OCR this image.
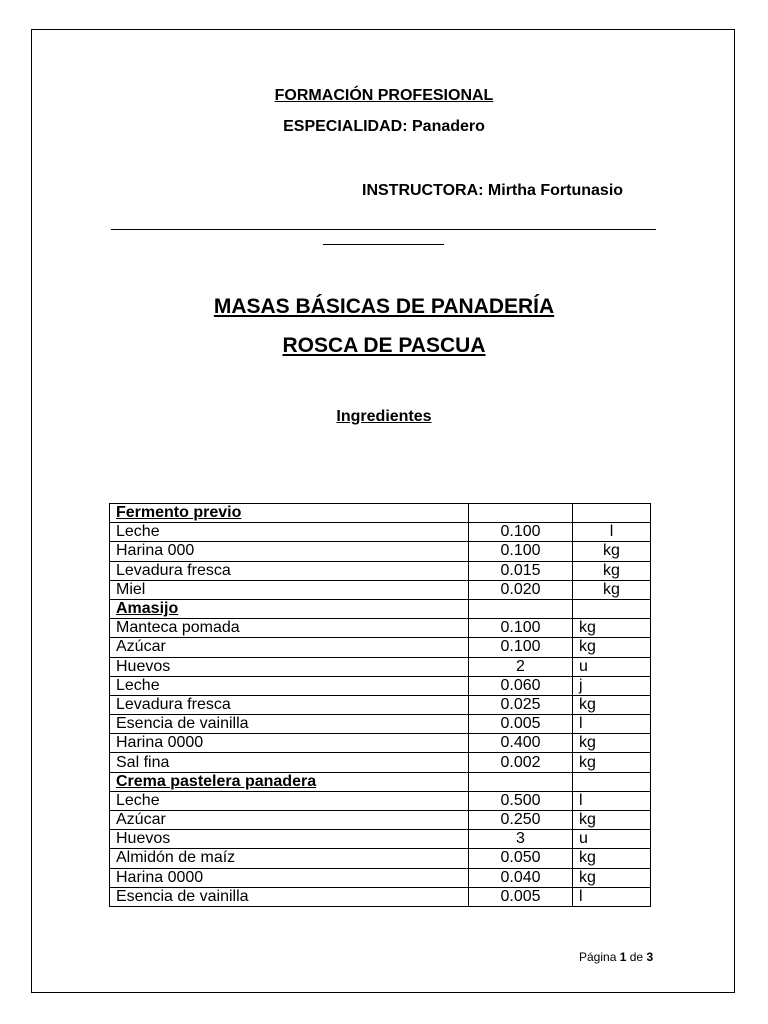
FORMACIÓN PROFESIONAL
ESPECIALIDAD: Panadero
INSTRUCTORA: Mirtha Fortunasio
MASAS BÁSICAS DE PANADERÍA
ROSCA DE PASCUA
Ingredientes
Fermento previo		
Leche	0.100	l
Harina 000	0.100	kg
Levadura fresca	0.015	kg
Miel	0.020	kg
Amasijo		
Manteca pomada	0.100	kg
Azúcar	0.100	kg
Huevos	2	u
Leche	0.060	j
Levadura fresca	0.025	kg
Esencia de vainilla	0.005	l
Harina 0000	0.400	kg
Sal fina	0.002	kg
Crema pastelera panadera		
Leche	0.500	l
Azúcar	0.250	kg
Huevos	3	u
Almidón de maíz	0.050	kg
Harina 0000	0.040	kg
Esencia de vainilla	0.005	l
Página 1 de 3
